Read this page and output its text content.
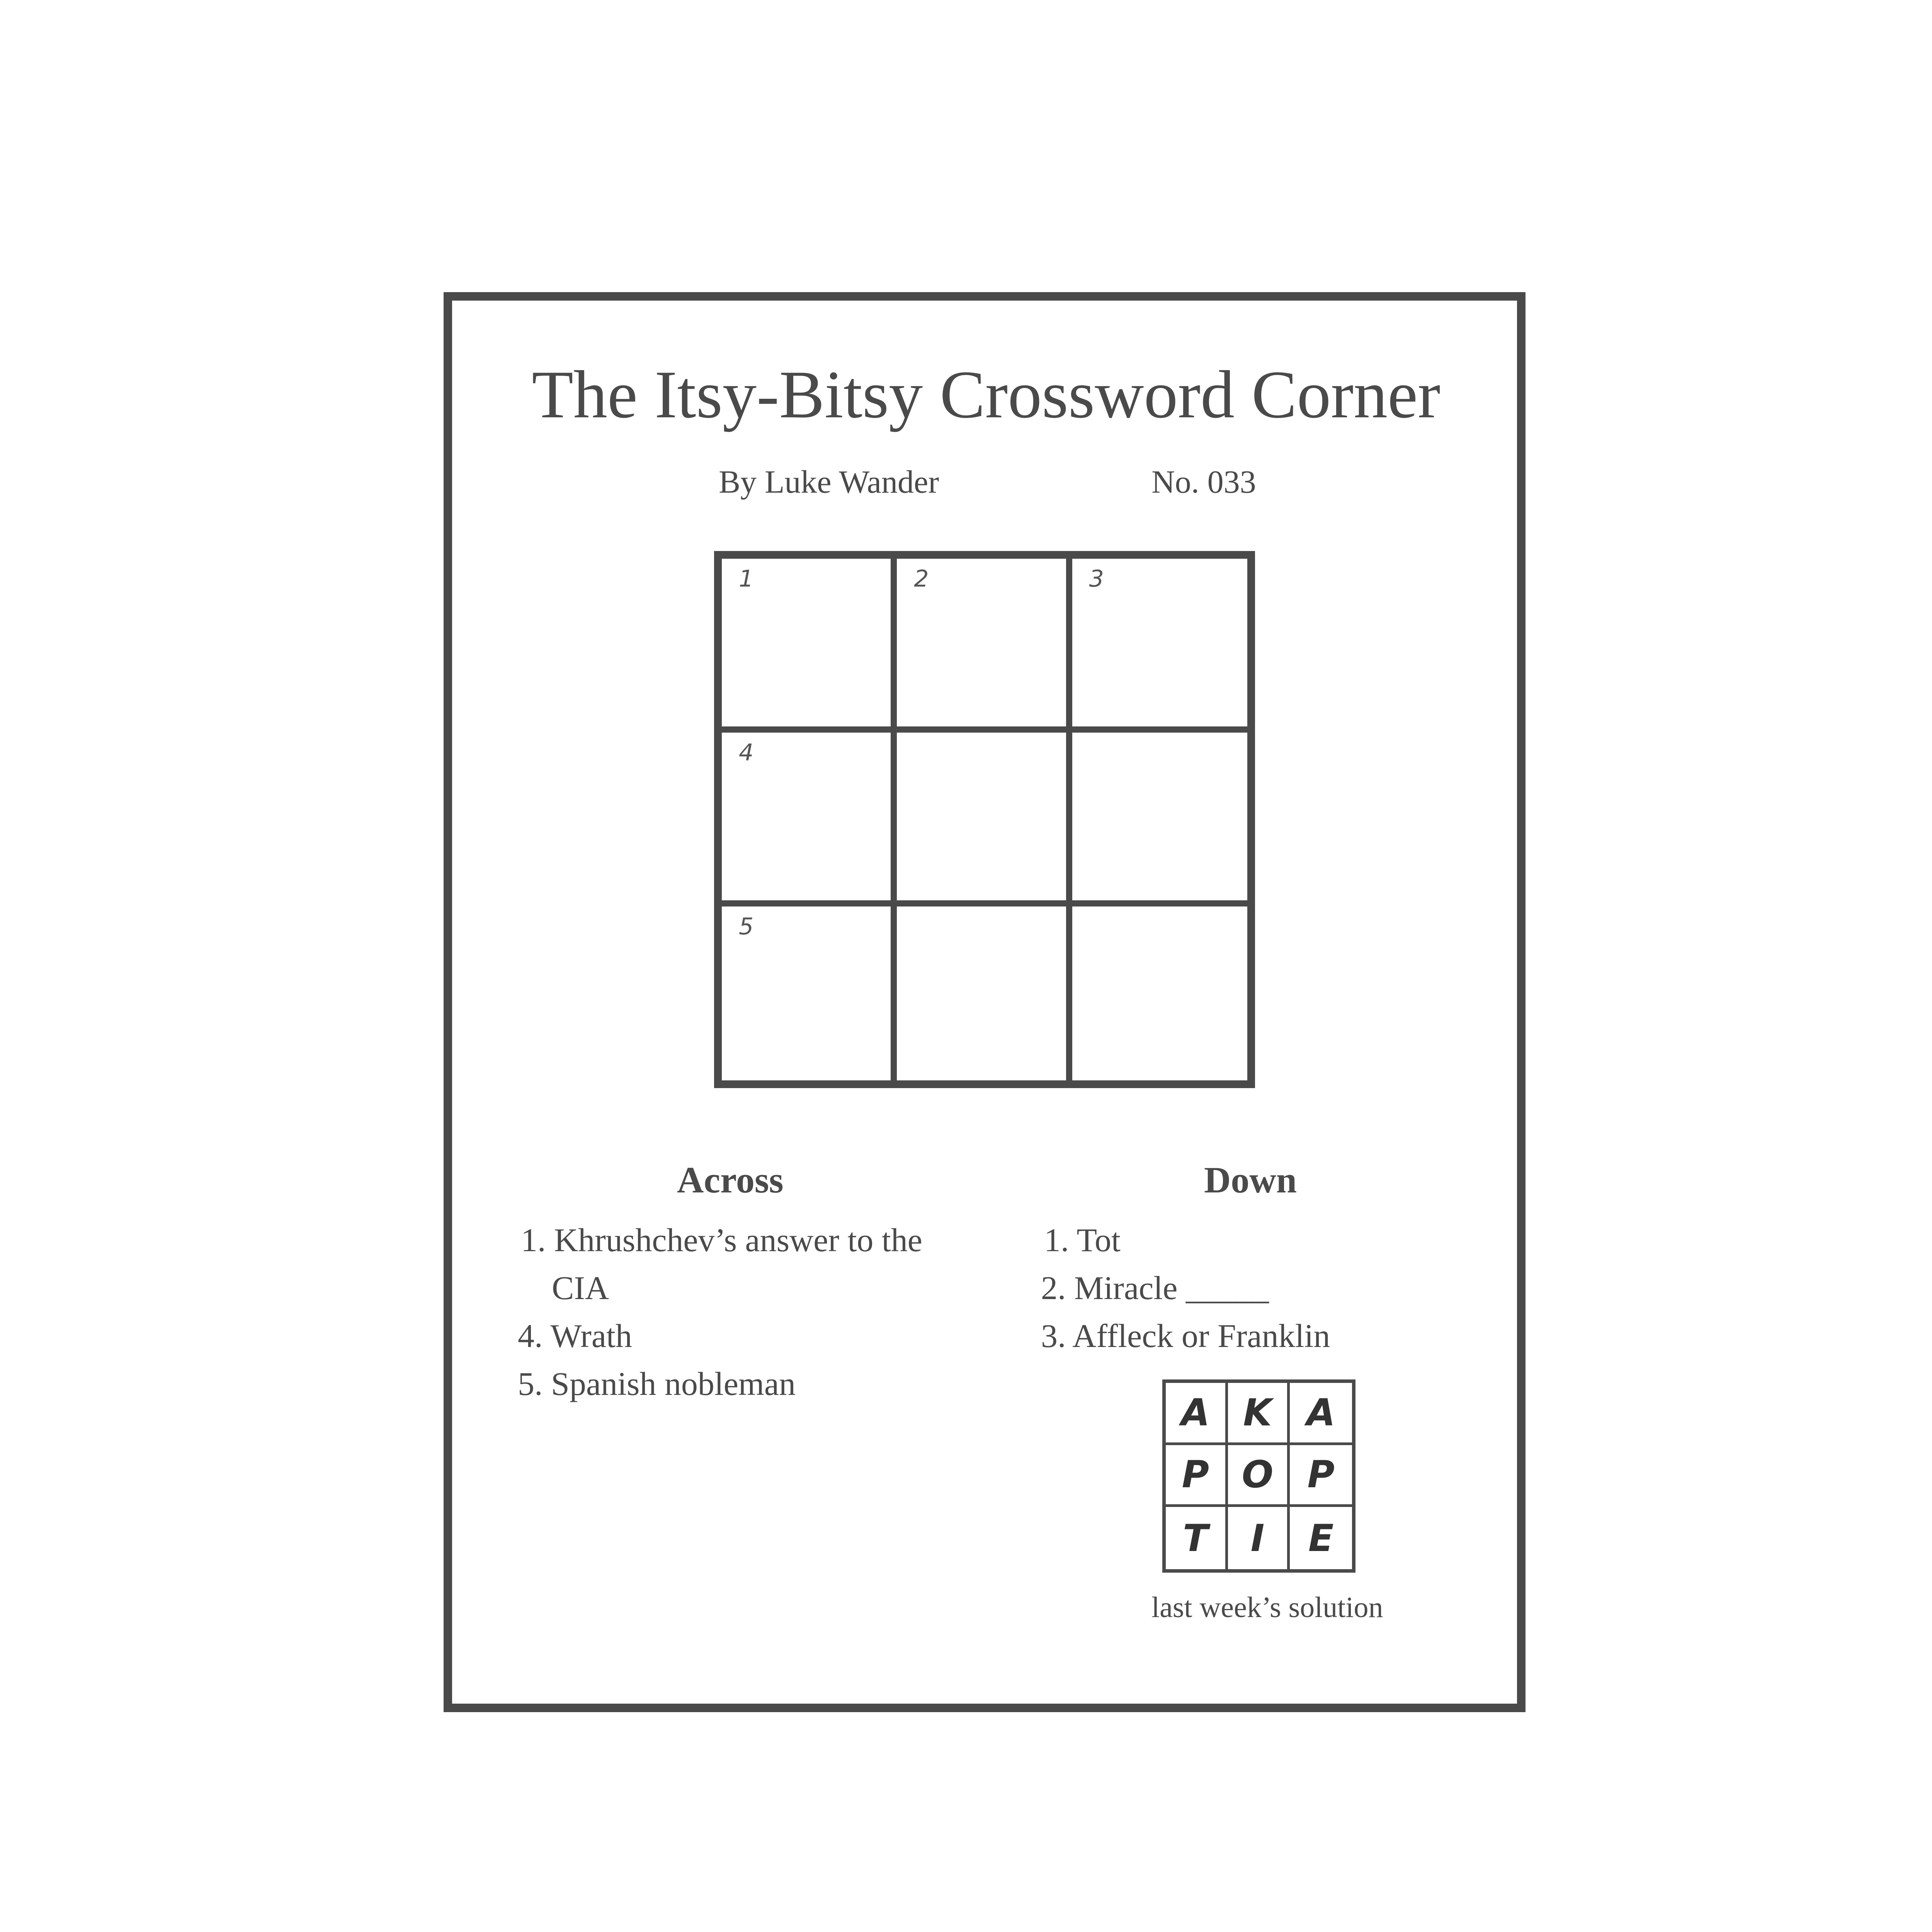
The Itsy-Bitsy Crossword Corner
By Luke Wander	No. 033
1	2	3
4
5
Across	Down
1. Khrushchev’s answer to the
CIA
4. Wrath
5. Spanish nobleman
1. Tot
2. Miracle _____
3. Affleck or Franklin
A K A
P O P
T	I	E
last week’s solution
